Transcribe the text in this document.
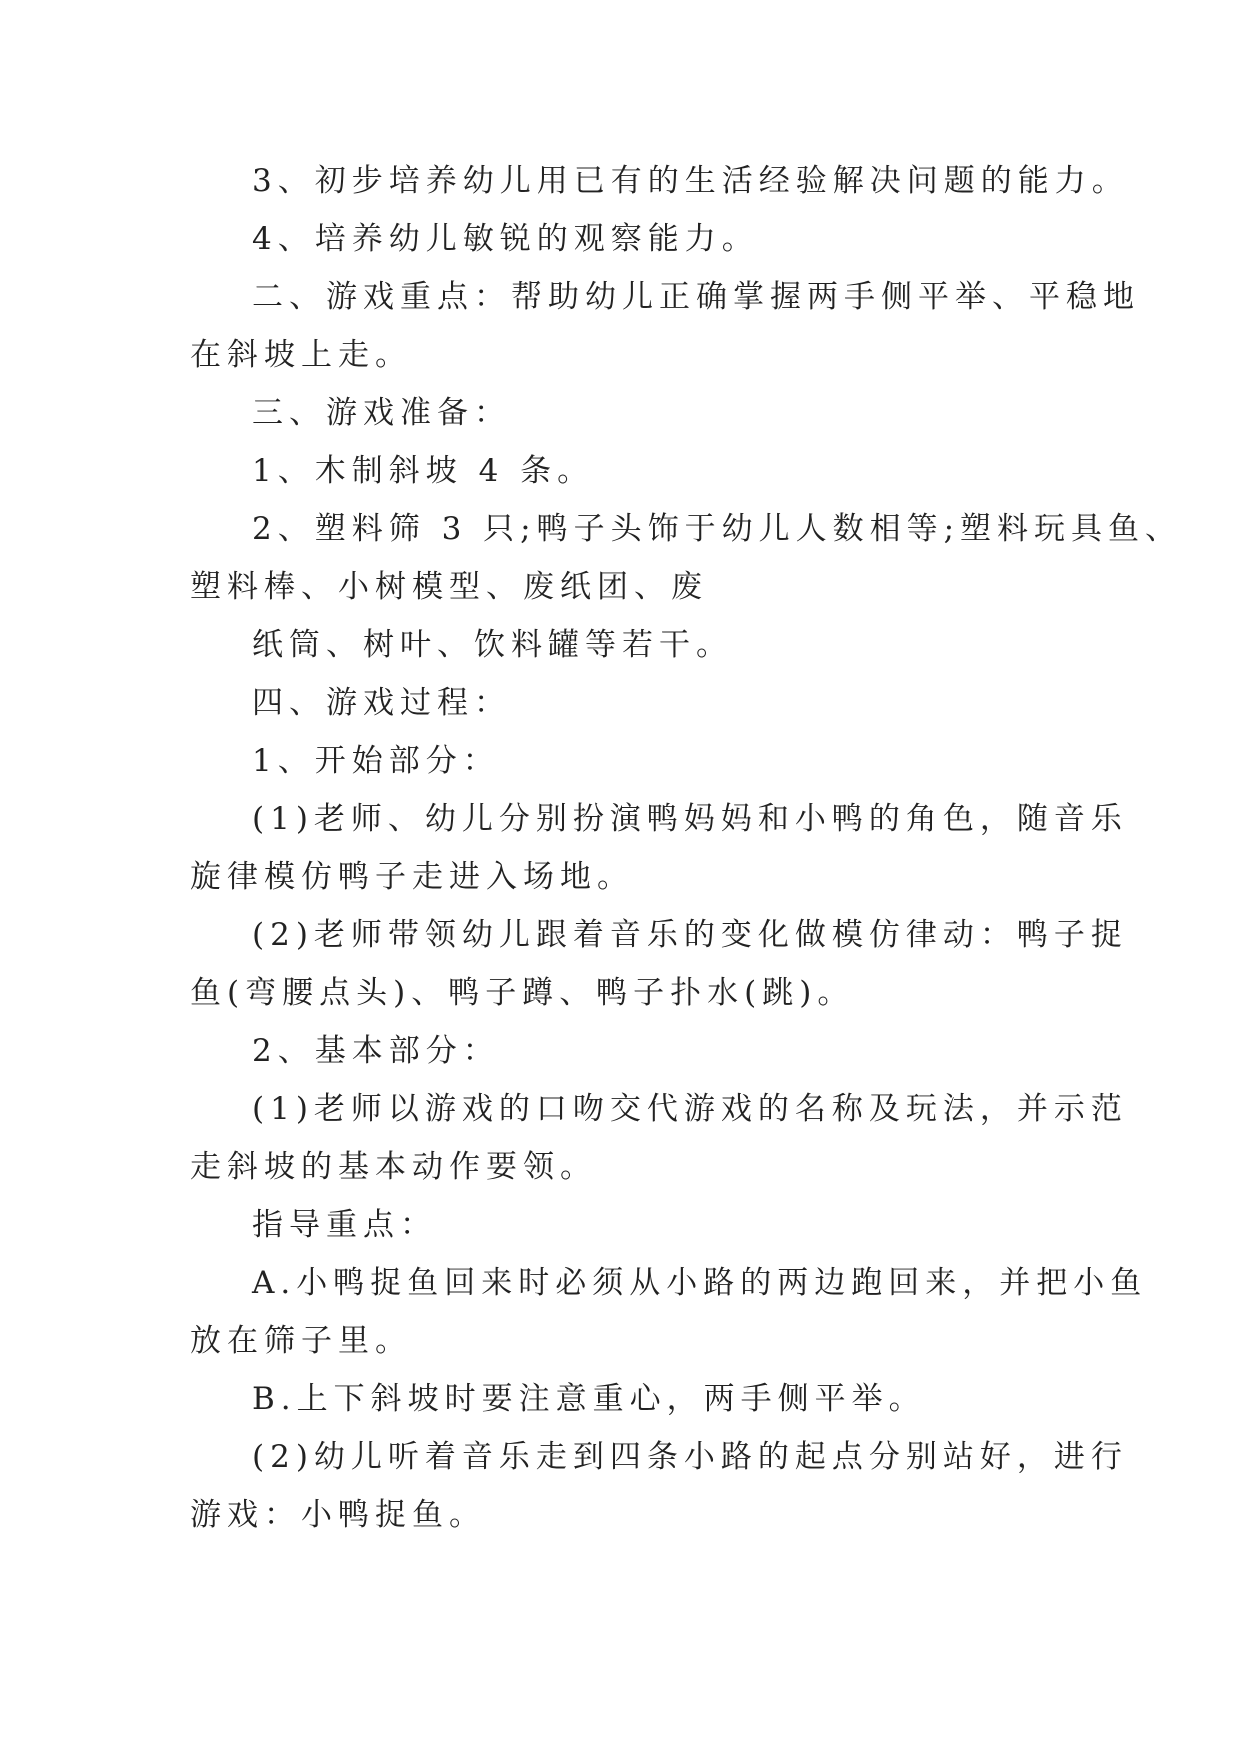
3、初步培养幼儿用已有的生活经验解决问题的能力。

4、培养幼儿敏锐的观察能力。

二、游戏重点：帮助幼儿正确掌握两手侧平举、平稳地

在斜坡上走。

三、游戏准备：

1、木制斜坡 4 条。

2、塑料筛 3 只;鸭子头饰于幼儿人数相等;塑料玩具鱼、

塑料棒、小树模型、废纸团、废

纸筒、树叶、饮料罐等若干。

四、游戏过程：

1、开始部分：

(1)老师、幼儿分别扮演鸭妈妈和小鸭的角色，随音乐

旋律模仿鸭子走进入场地。

(2)老师带领幼儿跟着音乐的变化做模仿律动：鸭子捉

鱼(弯腰点头)、鸭子蹲、鸭子扑水(跳)。

2、基本部分：

(1)老师以游戏的口吻交代游戏的名称及玩法，并示范

走斜坡的基本动作要领。

指导重点：

A.小鸭捉鱼回来时必须从小路的两边跑回来，并把小鱼

放在筛子里。

B.上下斜坡时要注意重心，两手侧平举。

(2)幼儿听着音乐走到四条小路的起点分别站好，进行

游戏：小鸭捉鱼。
